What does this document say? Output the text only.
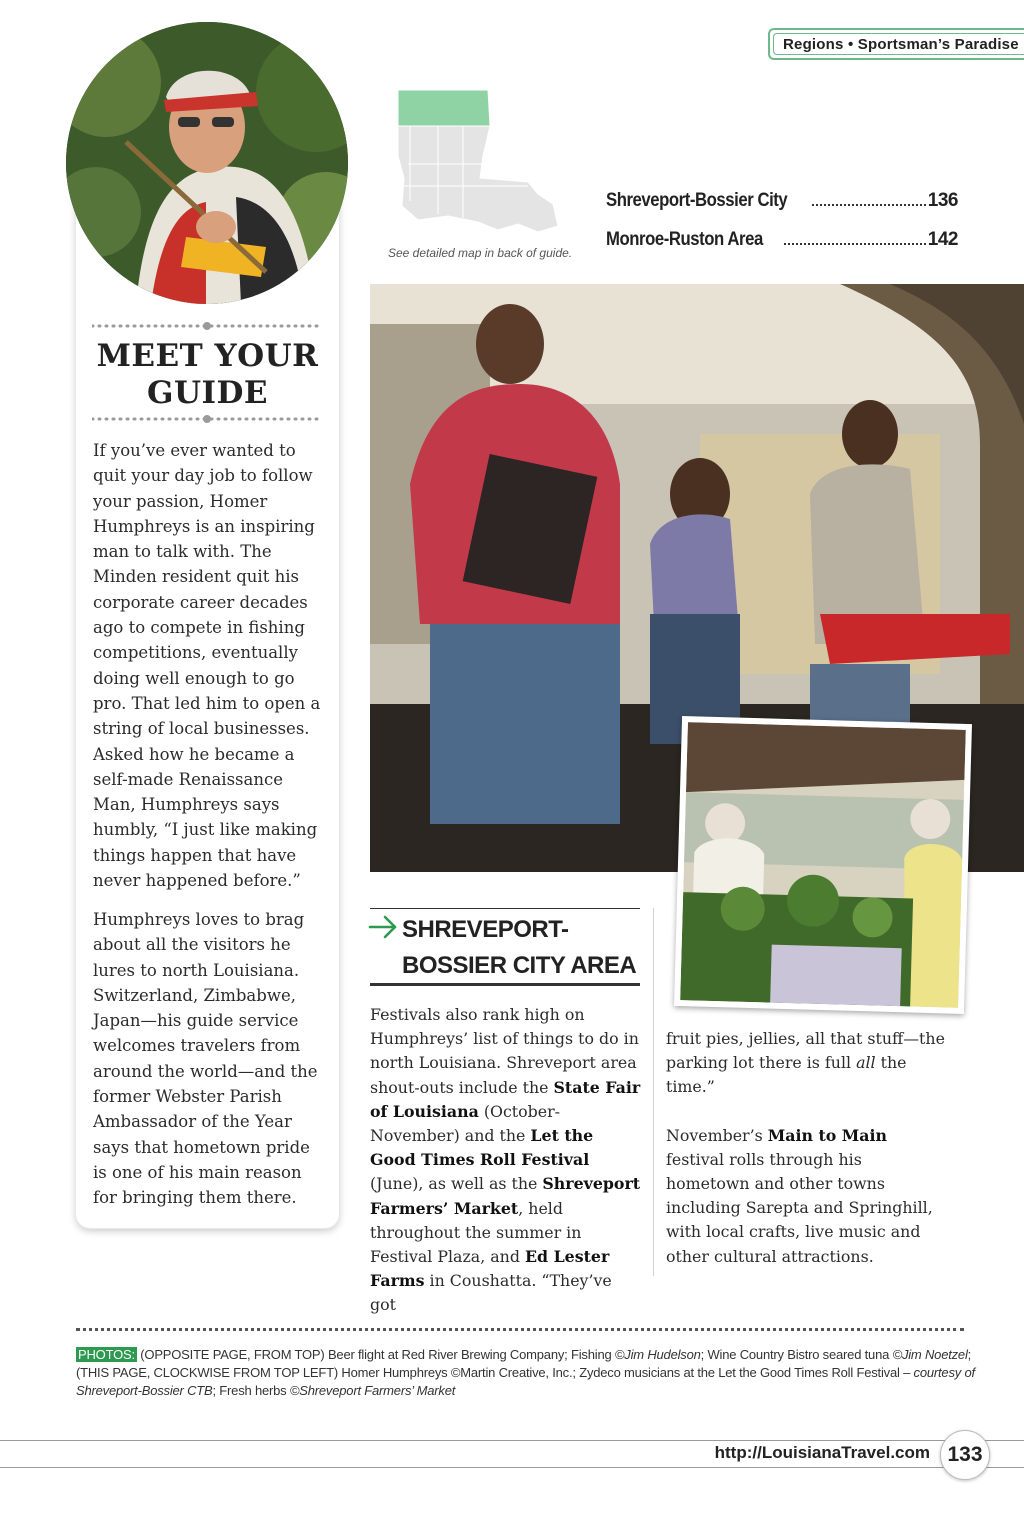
Regions • Sportsman’s Paradise
MEET YOUR
GUIDE

If you’ve ever wanted to quit your day job to follow your passion, Homer Humphreys is an inspiring man to talk with. The Minden resident quit his corporate career decades ago to compete in fishing competitions, eventually doing well enough to go pro. That led him to open a string of local businesses. Asked how he became a self-made Renaissance Man, Humphreys says humbly, “I just like making things happen that have never happened before.”

Humphreys loves to brag about all the visitors he lures to north Louisiana. Switzerland, Zimbabwe, Japan—his guide service welcomes travelers from around the world—and the former Webster Parish Ambassador of the Year says that hometown pride is one of his main reason for bringing them there.

See detailed map in back of guide.
Shreveport-Bossier City	136
Monroe-Ruston Area	142
SHREVEPORT-BOSSIER CITY AREA
Festivals also rank high on Humphreys’ list of things to do in north Louisiana. Shreveport area shout-outs include the State Fair of Louisiana (October-November) and the Let the Good Times Roll Festival (June), as well as the Shreveport Farmers’ Market, held throughout the summer in Festival Plaza, and Ed Lester Farms in Coushatta. “They’ve got
fruit pies, jellies, all that stuff—the parking lot there is full all the time.”
November’s Main to Main festival rolls through his hometown and other towns including Sarepta and Springhill, with local crafts, live music and other cultural attractions.
PHOTOS: (OPPOSITE PAGE, FROM TOP) Beer flight at Red River Brewing Company; Fishing ©Jim Hudelson; Wine Country Bistro seared tuna ©Jim Noetzel; (THIS PAGE, CLOCKWISE FROM TOP LEFT) Homer Humphreys ©Martin Creative, Inc.; Zydeco musicians at the Let the Good Times Roll Festival – courtesy of Shreveport-Bossier CTB; Fresh herbs ©Shreveport Farmers’ Market
http://LouisianaTravel.com 133
